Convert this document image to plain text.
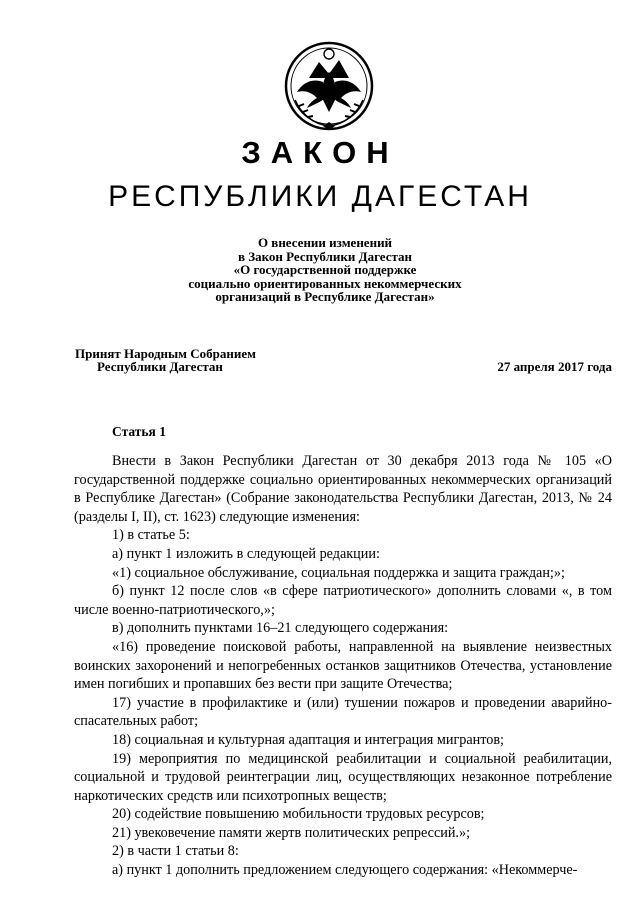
ЗАКОН
РЕСПУБЛИКИ ДАГЕСТАН
О внесении изменений
в Закон Республики Дагестан
«О государственной поддержке
социально ориентированных некоммерческих
организаций в Республике Дагестан»
Принят Народным Собранием
Республики Дагестан	27 апреля 2017 года
Статья 1

Внести в Закон Республики Дагестан от 30 декабря 2013 года № 105 «О государственной поддержке социально ориентированных некоммерческих организаций в Республике Дагестан» (Собрание законодательства Республики Дагестан, 2013, № 24 (разделы I, II), ст. 1623) следующие изменения:

1) в статье 5:

а) пункт 1 изложить в следующей редакции:

«1) социальное обслуживание, социальная поддержка и защита граждан;»;

б) пункт 12 после слов «в сфере патриотического» дополнить словами «, в том числе военно-патриотического,»;

в) дополнить пунктами 16–21 следующего содержания:

«16) проведение поисковой работы, направленной на выявление неизвестных воинских захоронений и непогребенных останков защитников Отечества, установление имен погибших и пропавших без вести при защите Отечества;

17) участие в профилактике и (или) тушении пожаров и проведении аварийно-спасательных работ;

18) социальная и культурная адаптация и интеграция мигрантов;

19) мероприятия по медицинской реабилитации и социальной реабилитации, социальной и трудовой реинтеграции лиц, осуществляющих незаконное потребление наркотических средств или психотропных веществ;

20) содействие повышению мобильности трудовых ресурсов;

21) увековечение памяти жертв политических репрессий.»;

2) в части 1 статьи 8:

а) пункт 1 дополнить предложением следующего содержания: «Некоммерче-
